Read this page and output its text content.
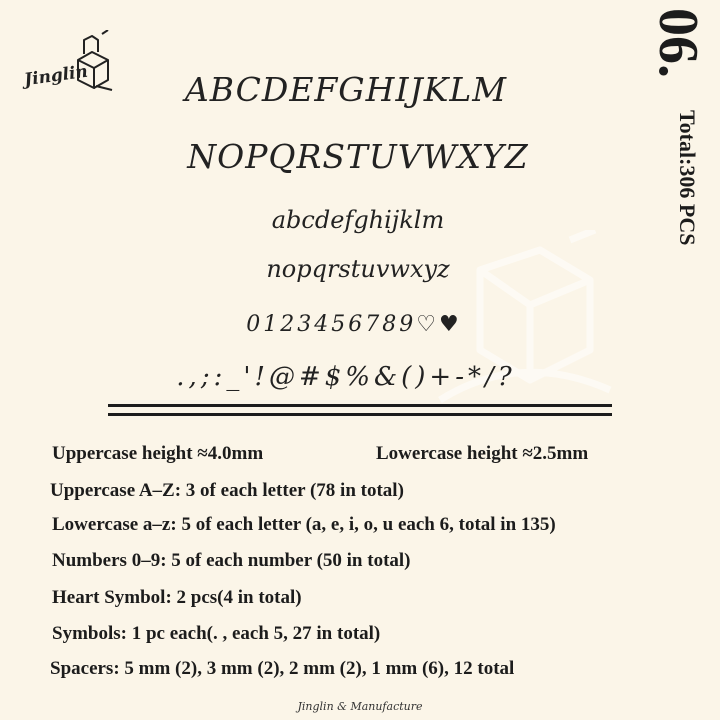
Jinglin	06.
Total:306 PCS
ABCDEFGHIJKLM
NOPQRSTUVWXYZ
abcdefghijklm
nopqrstuvwxyz
0123456789♡♥
.,;:_'!@#$%&()+-*/?
Uppercase height ≈4.0mm	Lowercase height ≈2.5mm
Uppercase A–Z: 3 of each letter (78 in total)
Lowercase a–z: 5 of each letter (a, e, i, o, u each 6, total in 135)
Numbers 0–9: 5 of each number (50 in total)
Heart Symbol: 2 pcs(4 in total)
Symbols: 1 pc each(. , each 5, 27 in total)
Spacers: 5 mm (2), 3 mm (2), 2 mm (2), 1 mm (6), 12 total
Jinglin & Manufacture
